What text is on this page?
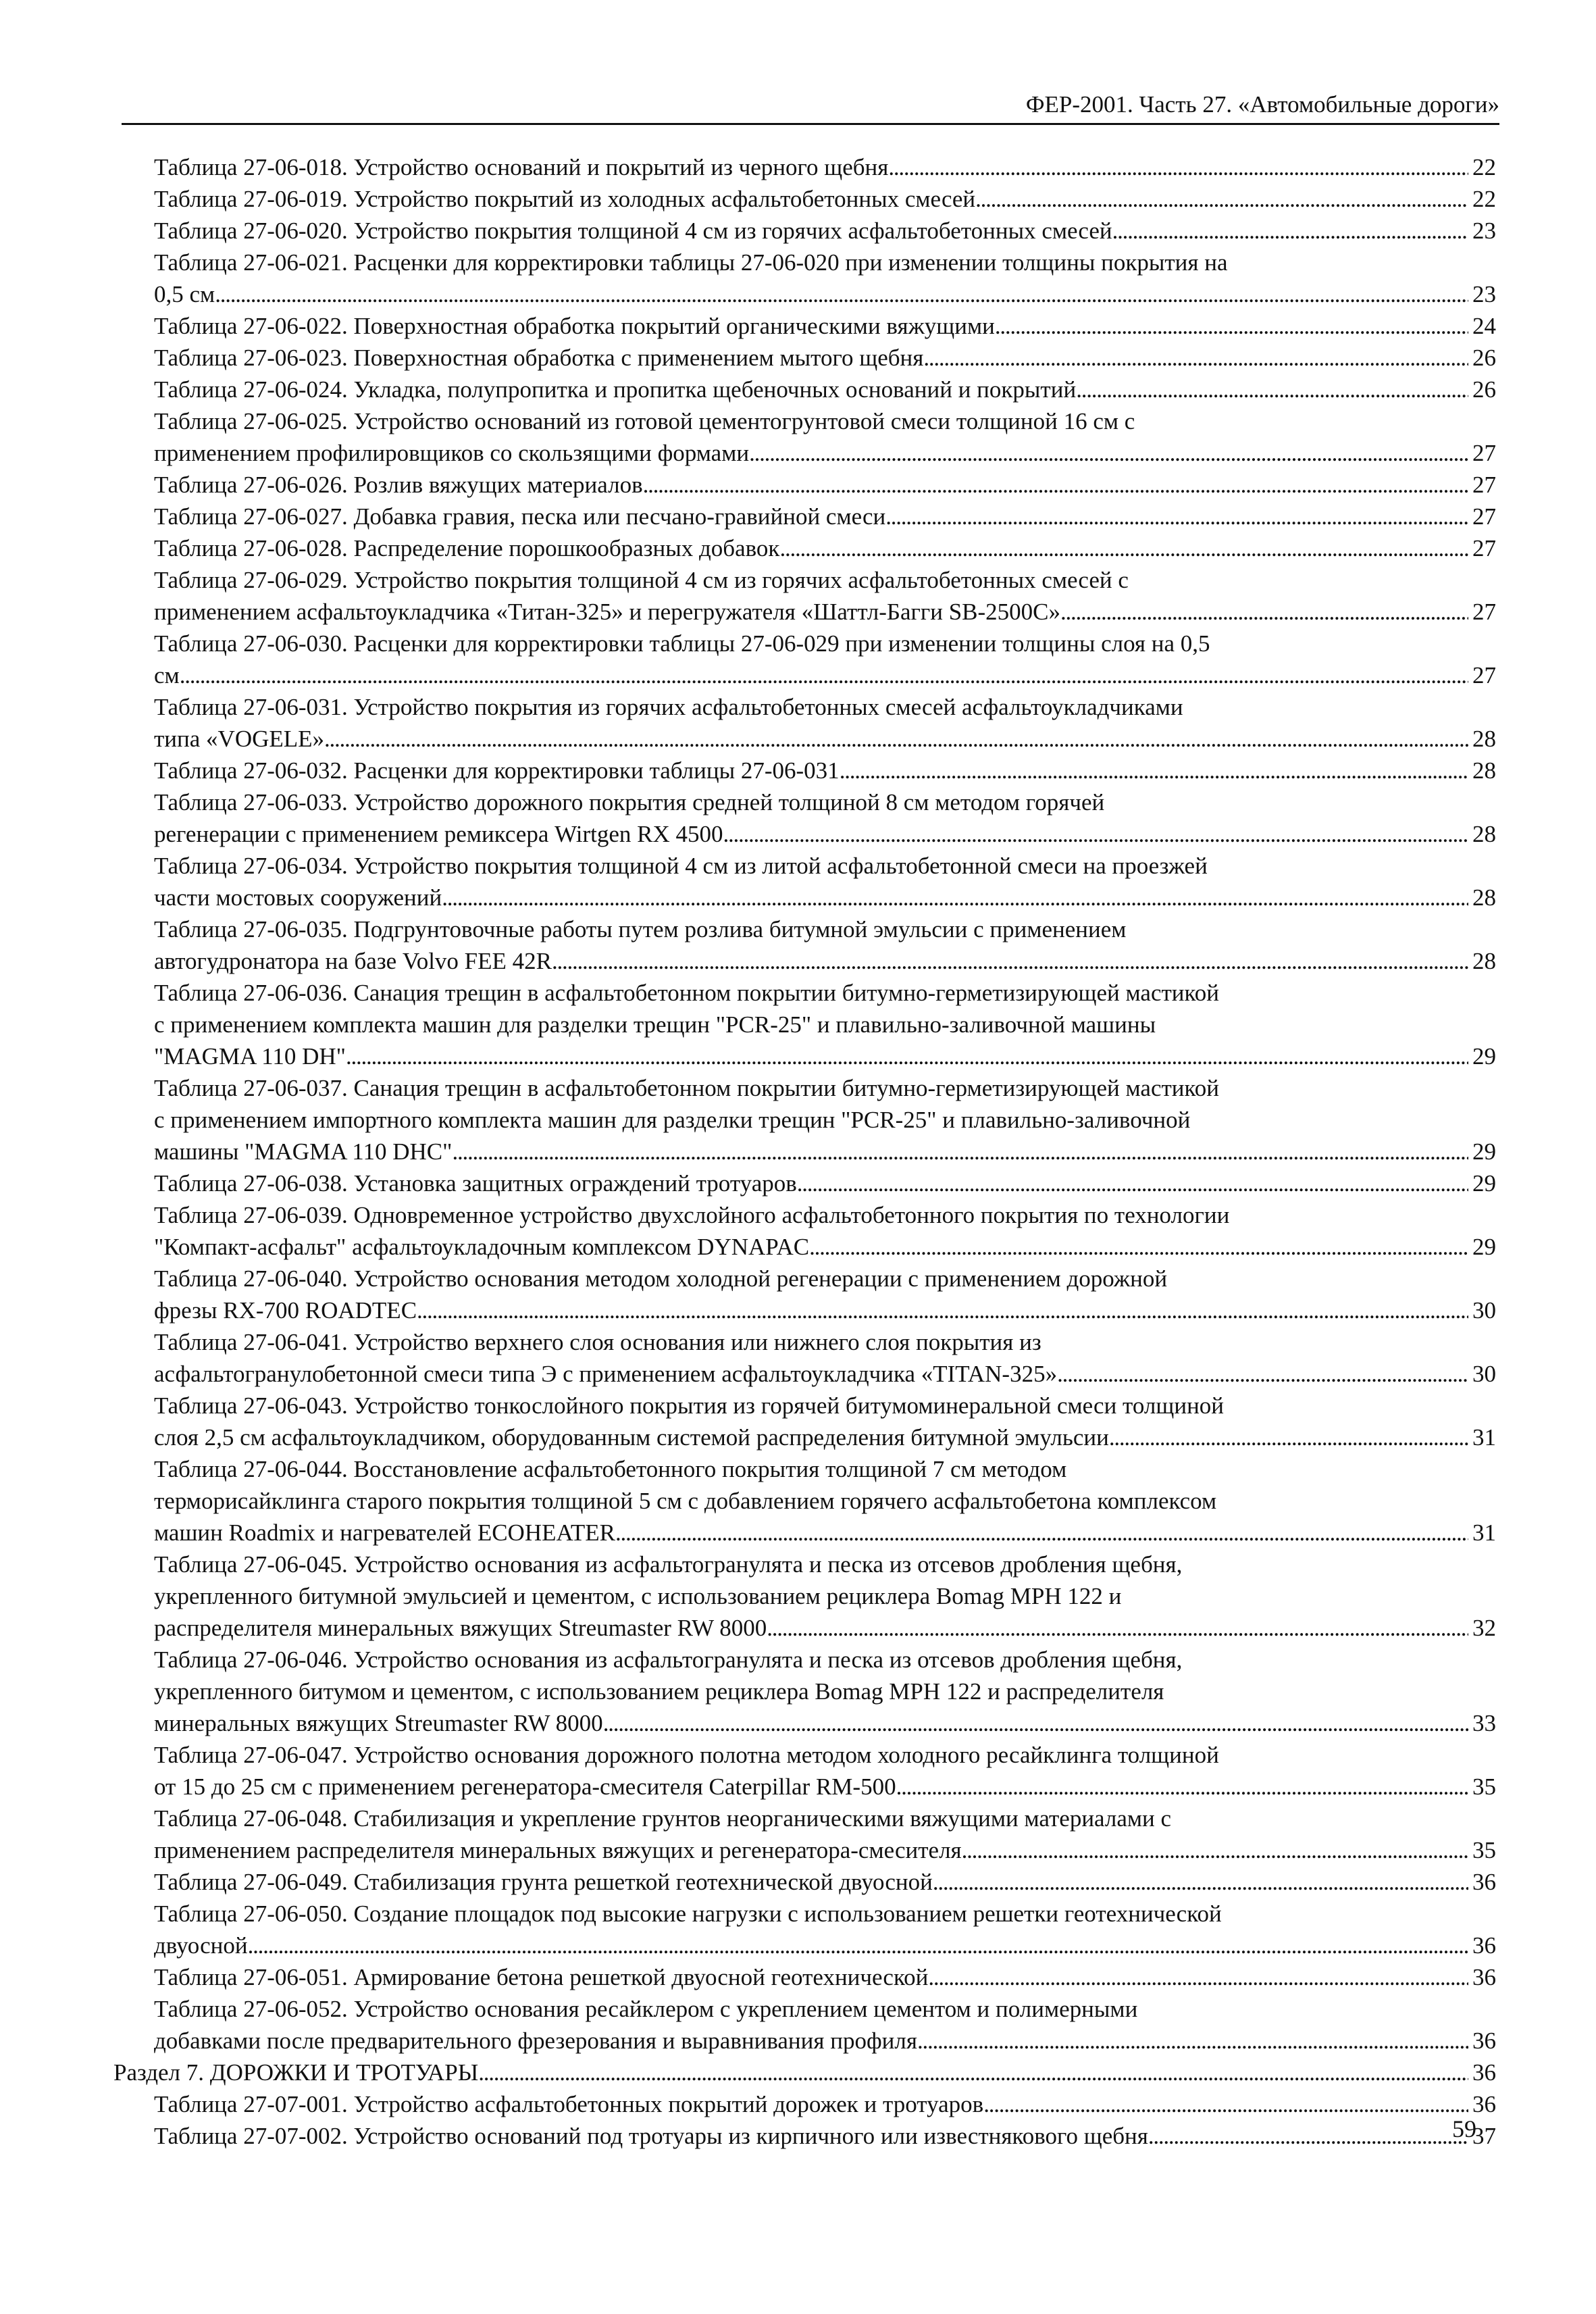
ФЕР-2001. Часть 27. «Автомобильные дороги»
Таблица 27-06-018. Устройство оснований и покрытий из черного щебня . . .	22
Таблица 27-06-019. Устройство покрытий из холодных асфальтобетонных смесей . . .	22
Таблица 27-06-020. Устройство покрытия толщиной 4 см из горячих асфальтобетонных смесей . . .	23
Таблица 27-06-021. Расценки для корректировки таблицы 27-06-020 при изменении толщины покрытия на
0,5 см . . .	23
Таблица 27-06-022. Поверхностная обработка покрытий органическими вяжущими . . .	24
Таблица 27-06-023. Поверхностная обработка с применением мытого щебня . . .	26
Таблица 27-06-024. Укладка, полупропитка и пропитка щебеночных оснований и покрытий . . .	26
Таблица 27-06-025. Устройство оснований из готовой цементогрунтовой смеси толщиной 16 см с
применением профилировщиков со скользящими формами . . .	27
Таблица 27-06-026. Розлив вяжущих материалов . . .	27
Таблица 27-06-027. Добавка гравия, песка или песчано-гравийной смеси . . .	27
Таблица 27-06-028. Распределение порошкообразных добавок . . .	27
Таблица 27-06-029. Устройство покрытия толщиной 4 см из горячих асфальтобетонных смесей с
применением асфальтоукладчика «Титан-325» и перегружателя «Шаттл-Багги SB-2500С» . . .	27
Таблица 27-06-030. Расценки для корректировки таблицы 27-06-029 при изменении толщины слоя на 0,5
см . . .	27
Таблица 27-06-031. Устройство покрытия из горячих асфальтобетонных смесей асфальтоукладчиками
типа «VOGELE» . . .	28
Таблица 27-06-032. Расценки для корректировки таблицы 27-06-031 . . .	28
Таблица 27-06-033. Устройство дорожного покрытия средней толщиной 8 см методом горячей
регенерации с применением ремиксера Wirtgen RX 4500 . . .	28
Таблица 27-06-034. Устройство покрытия толщиной 4 см из литой асфальтобетонной смеси на проезжей
части мостовых сооружений . . .	28
Таблица 27-06-035. Подгрунтовочные работы путем розлива битумной эмульсии с применением
автогудронатора на базе Volvo FEE 42R . . .	28
Таблица 27-06-036. Санация трещин в асфальтобетонном покрытии битумно-герметизирующей мастикой
с применением комплекта машин для разделки трещин "PCR-25" и плавильно-заливочной машины
"MAGMA 110 DH" . . .	29
Таблица 27-06-037. Санация трещин в асфальтобетонном покрытии битумно-герметизирующей мастикой
с применением импортного комплекта машин для разделки трещин "PCR-25" и плавильно-заливочной
машины "MAGMA 110 DHC" . . .	29
Таблица 27-06-038. Установка защитных ограждений тротуаров . . .	29
Таблица 27-06-039. Одновременное устройство двухслойного асфальтобетонного покрытия по технологии
"Компакт-асфальт" асфальтоукладочным комплексом DYNAPAC . . .	29
Таблица 27-06-040. Устройство основания методом холодной регенерации с применением дорожной
фрезы RX-700 ROADTEC . . .	30
Таблица 27-06-041. Устройство верхнего слоя основания или нижнего слоя покрытия из
асфальтогранулобетонной смеси типа Э с применением асфальтоукладчика «TITAN-325» . . .	30
Таблица 27-06-043. Устройство тонкослойного покрытия из горячей битумоминеральной смеси толщиной
слоя 2,5 см асфальтоукладчиком, оборудованным системой распределения битумной эмульсии . . .	31
Таблица 27-06-044. Восстановление асфальтобетонного покрытия толщиной 7 см методом
терморисайклинга старого покрытия толщиной 5 см с добавлением горячего асфальтобетона комплексом
машин Roadmix и нагревателей ECOHEATER . . .	31
Таблица 27-06-045. Устройство основания из асфальтогранулята и песка из отсевов дробления щебня,
укрепленного битумной эмульсией и цементом, с использованием рециклера Bomag MPH 122 и
распределителя минеральных вяжущих Streumaster RW 8000 . . .	32
Таблица 27-06-046. Устройство основания из асфальтогранулята и песка из отсевов дробления щебня,
укрепленного битумом и цементом, с использованием рециклера Bomag MPH 122 и распределителя
минеральных вяжущих Streumaster RW 8000 . . .	33
Таблица 27-06-047. Устройство основания дорожного полотна методом холодного ресайклинга толщиной
от 15 до 25 см с применением регенератора-смесителя Caterpillar RM-500 . . .	35
Таблица 27-06-048. Стабилизация и укрепление грунтов неорганическими вяжущими материалами с
применением распределителя минеральных вяжущих и регенератора-смесителя . . .	35
Таблица 27-06-049. Стабилизация грунта решеткой геотехнической двуосной . . .	36
Таблица 27-06-050. Создание площадок под высокие нагрузки с использованием решетки геотехнической
двуосной . . .	36
Таблица 27-06-051. Армирование бетона решеткой двуосной геотехнической . . .	36
Таблица 27-06-052. Устройство основания ресайклером с укреплением цементом и полимерными
добавками после предварительного фрезерования и выравнивания профиля . . .	36
Раздел 7. ДОРОЖКИ И ТРОТУАРЫ . . .	36
Таблица 27-07-001. Устройство асфальтобетонных покрытий дорожек и тротуаров . . .	36
Таблица 27-07-002. Устройство оснований под тротуары из кирпичного или известнякового щебня . . .	37
59
